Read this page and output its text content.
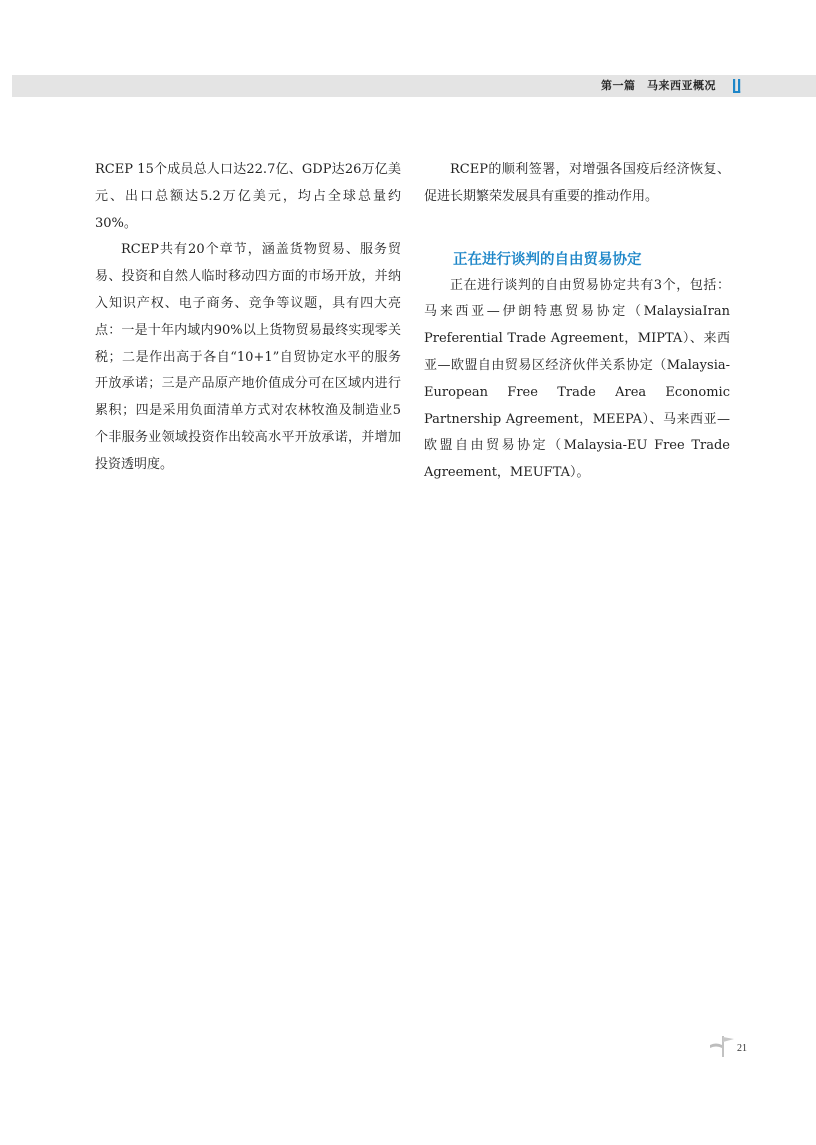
第一篇　马来西亚概况

RCEP 15个成员总人口达22.7亿、GDP达26万亿美元、出口总额达5.2万亿美元，均占全球总量约30%。

RCEP共有20个章节，涵盖货物贸易、服务贸易、投资和自然人临时移动四方面的市场开放，并纳入知识产权、电子商务、竞争等议题，具有四大亮点：一是十年内域内90%以上货物贸易最终实现零关税；二是作出高于各自“10+1”自贸协定水平的服务开放承诺；三是产品原产地价值成分可在区域内进行累积；四是采用负面清单方式对农林牧渔及制造业5个非服务业领域投资作出较高水平开放承诺，并增加投资透明度。

RCEP的顺利签署，对增强各国疫后经济恢复、促进长期繁荣发展具有重要的推动作用。

正在进行谈判的自由贸易协定

正在进行谈判的自由贸易协定共有3个，包括：马来西亚—伊朗特惠贸易协定（MalaysiaIran Preferential Trade Agreement，MIPTA）、来西亚—欧盟自由贸易区经济伙伴关系协定（Malaysia-European Free Trade Area Economic Partnership Agreement，MEEPA）、马来西亚—欧盟自由贸易协定（Malaysia-EU Free Trade Agreement，MEUFTA）。

21
